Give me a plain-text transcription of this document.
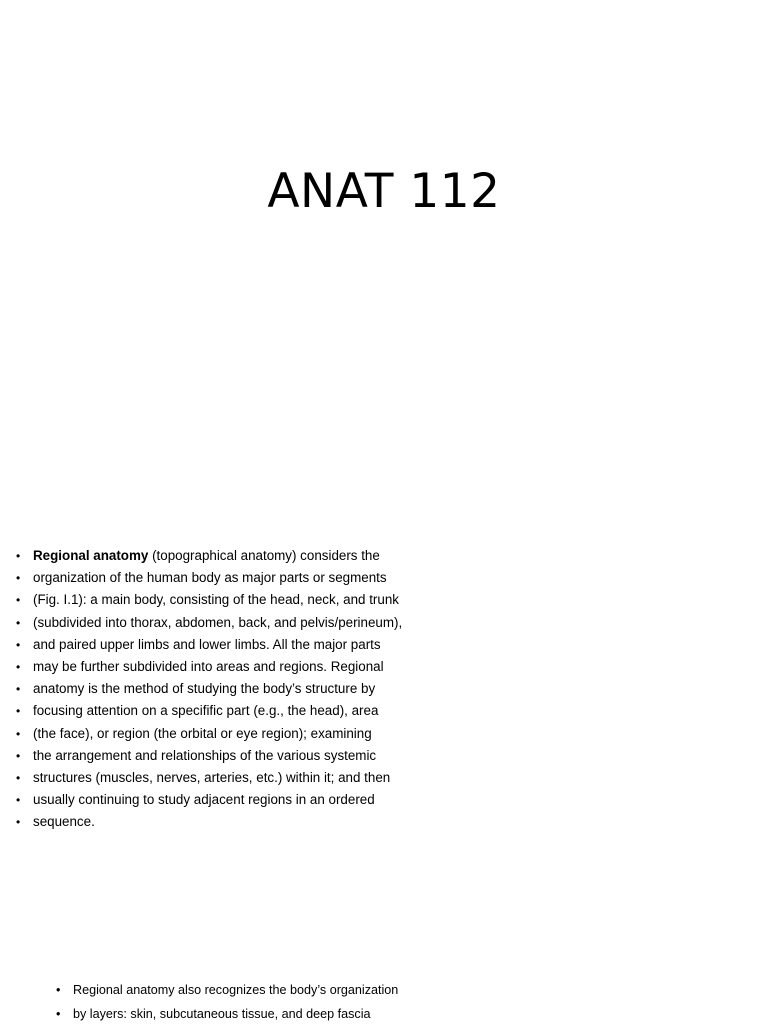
ANAT 112
• Regional anatomy (topographical anatomy) considers the
• organization of the human body as major parts or segments
• (Fig. I.1): a main body, consisting of the head, neck, and trunk
• (subdivided into thorax, abdomen, back, and pelvis/perineum),
• and paired upper limbs and lower limbs. All the major parts
• may be further subdivided into areas and regions. Regional
• anatomy is the method of studying the body’s structure by
• focusing attention on a specifific part (e.g., the head), area
• (the face), or region (the orbital or eye region); examining
• the arrangement and relationships of the various systemic
• structures (muscles, nerves, arteries, etc.) within it; and then
• usually continuing to study adjacent regions in an ordered
• sequence.
• Regional anatomy also recognizes the body’s organization
• by layers: skin, subcutaneous tissue, and deep fascia
